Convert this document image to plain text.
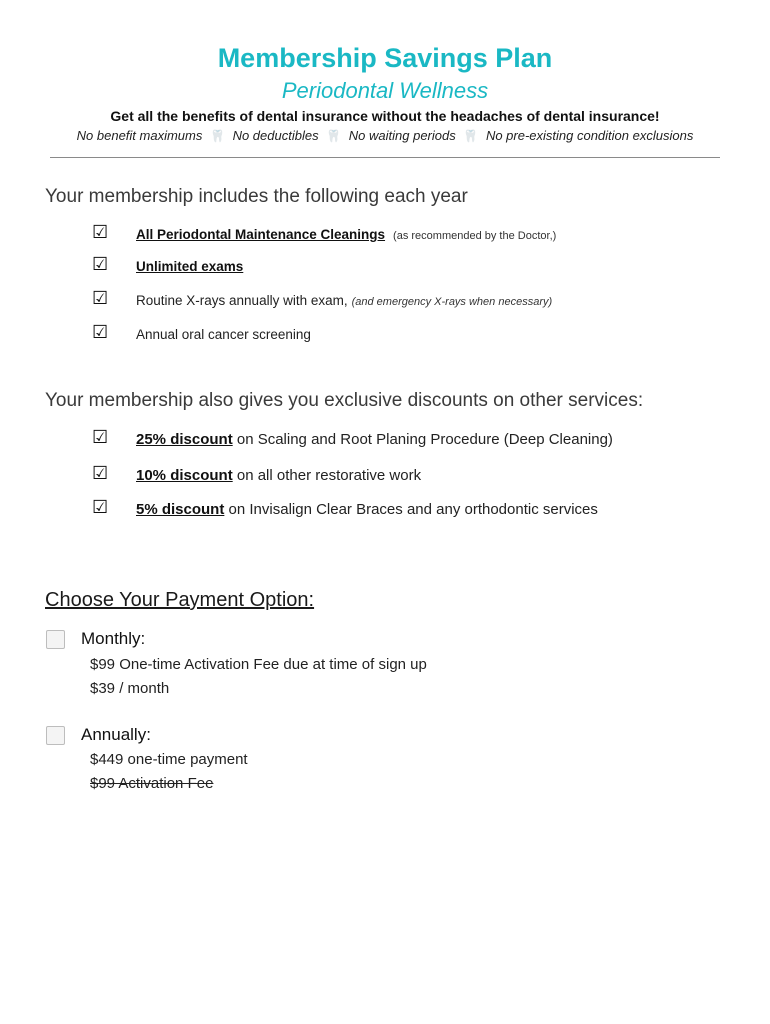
Membership Savings Plan
Periodontal Wellness
Get all the benefits of dental insurance without the headaches of dental insurance!
No benefit maximums 🦷 No deductibles 🦷 No waiting periods 🦷 No pre-existing condition exclusions
Your membership includes the following each year
☑ All Periodontal Maintenance Cleanings (as recommended by the Doctor,)
☑ Unlimited exams
☑ Routine X-rays annually with exam, (and emergency X-rays when necessary)
☑ Annual oral cancer screening
Your membership also gives you exclusive discounts on other services:
☑ 25% discount on Scaling and Root Planing Procedure (Deep Cleaning)
☑ 10% discount on all other restorative work
☑ 5% discount on Invisalign Clear Braces and any orthodontic services
Choose Your Payment Option:
Monthly:
$99 One-time Activation Fee due at time of sign up
$39 / month
Annually:
$449 one-time payment
$99 Activation Fee
